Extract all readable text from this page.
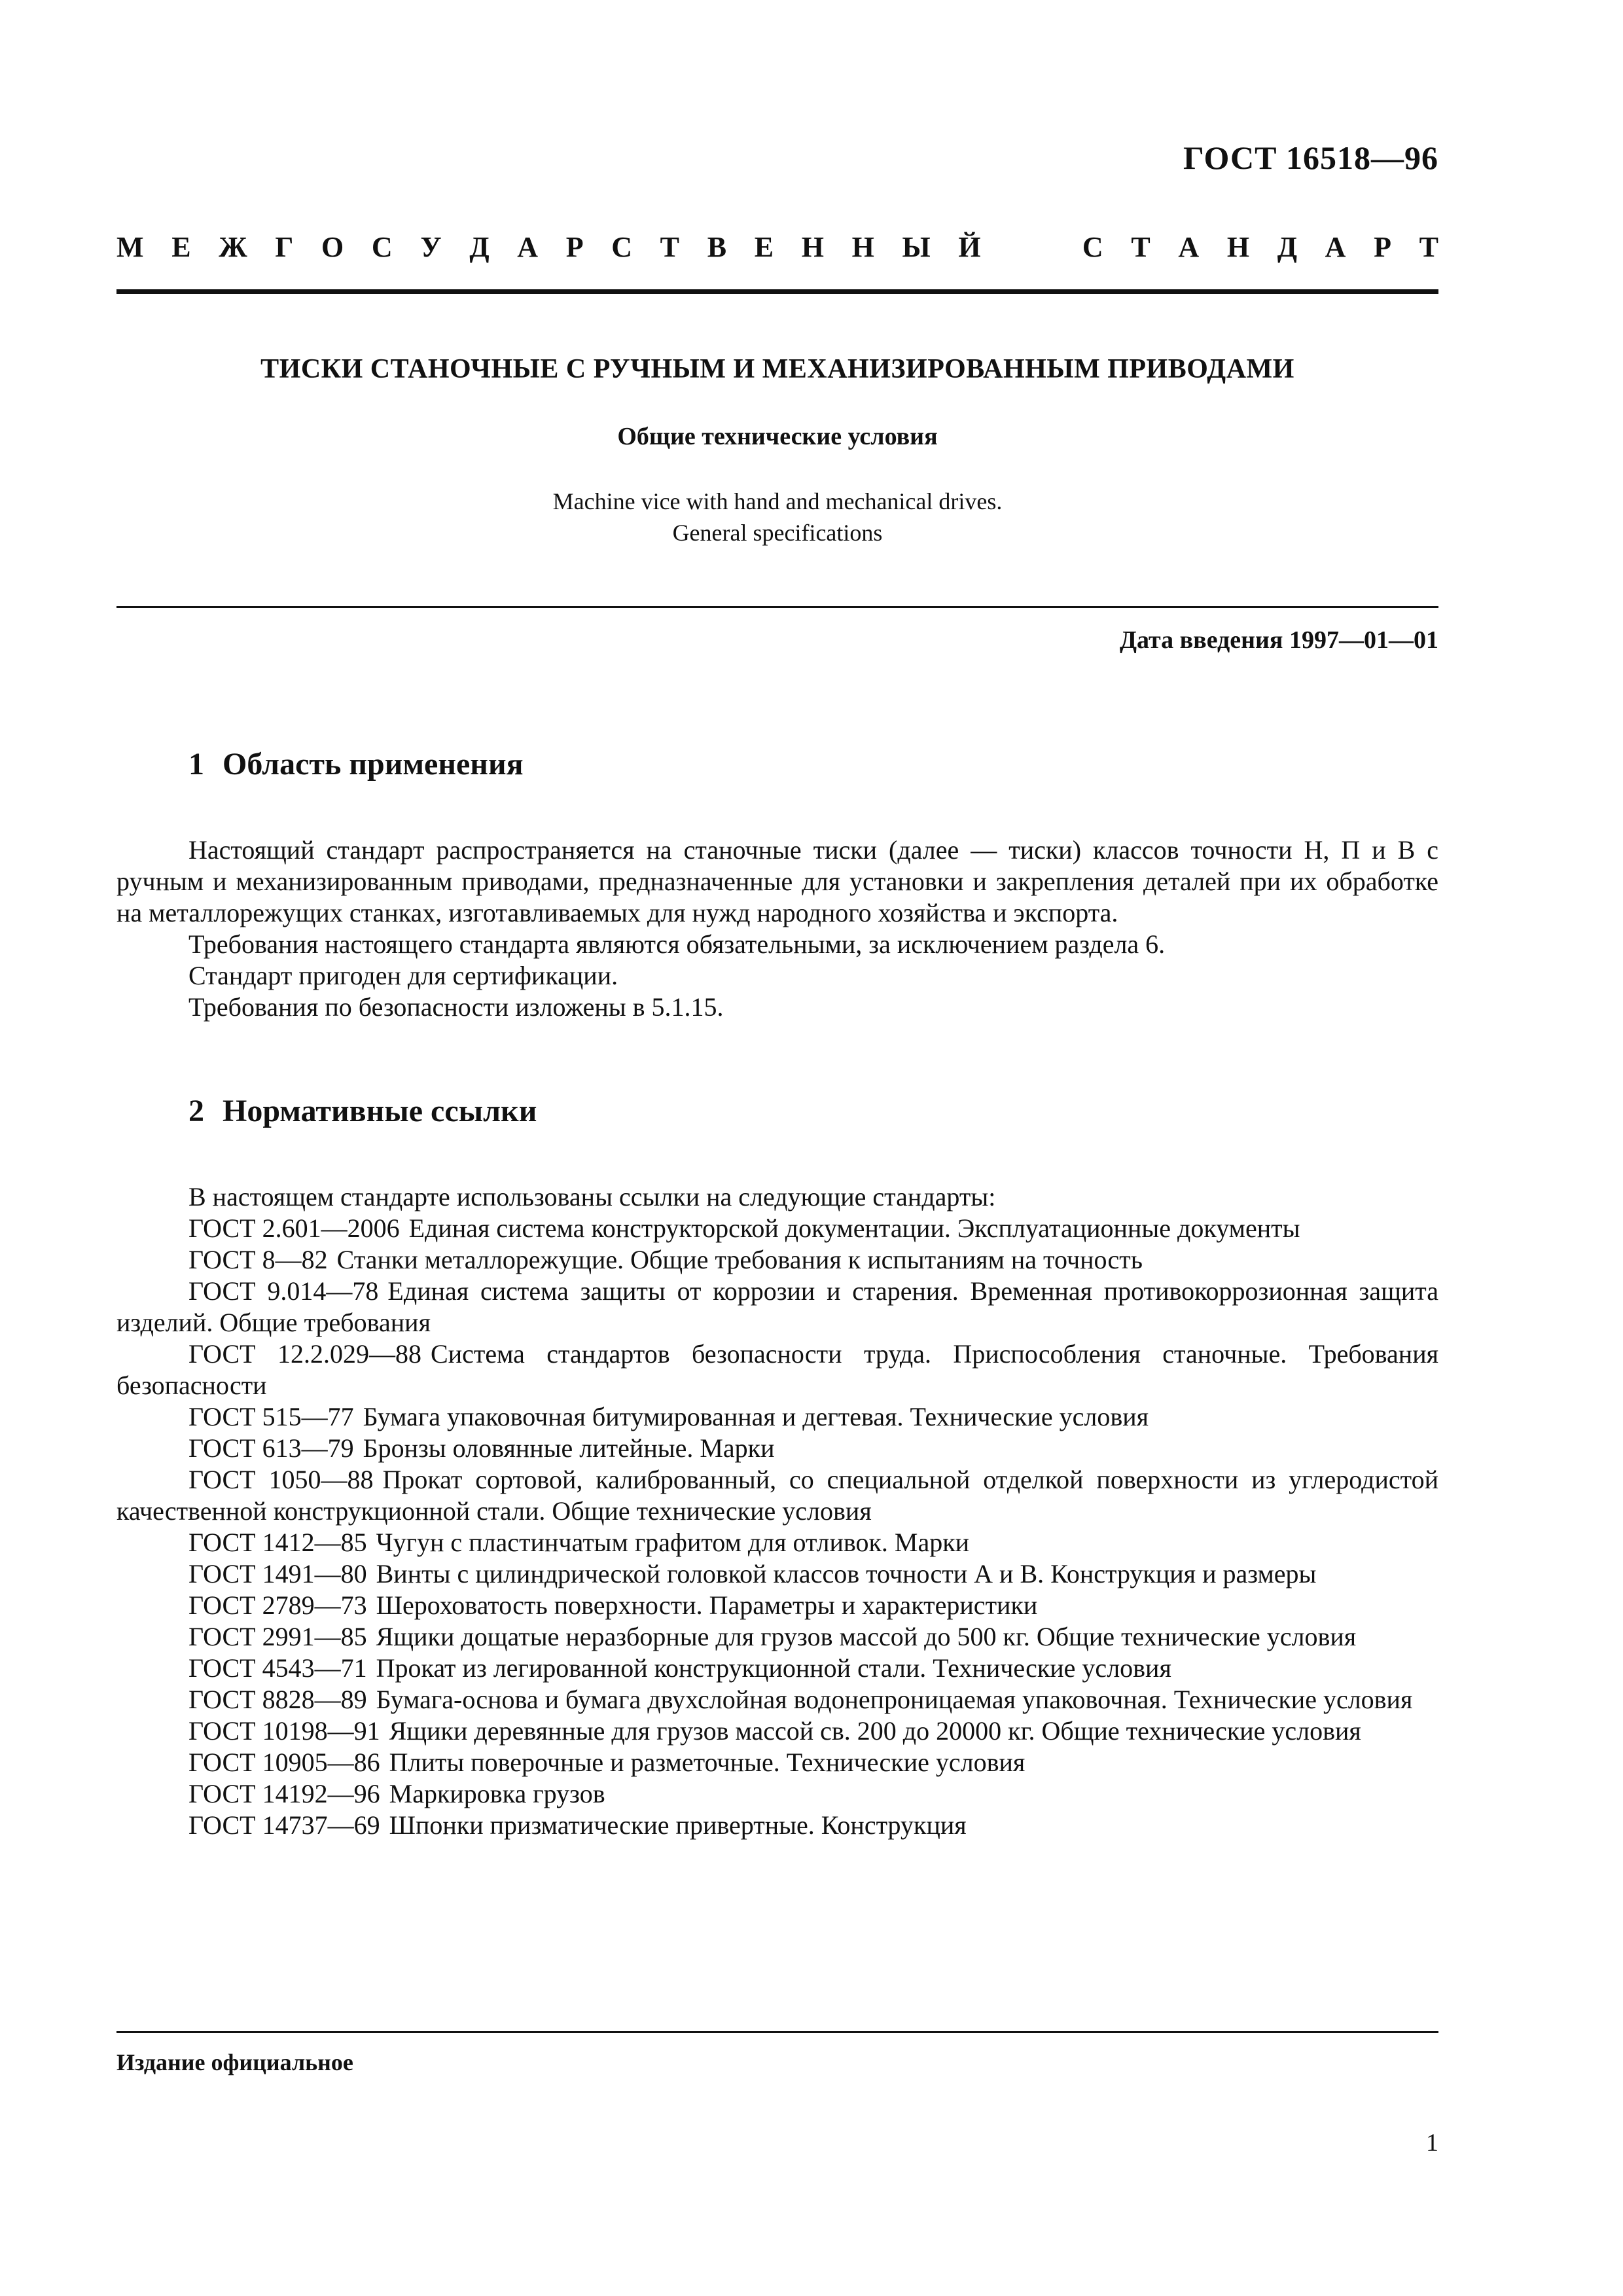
ГОСТ 16518—96
М Е Ж Г О С У Д А Р С Т В Е Н Н Ы Й	С Т А Н Д А Р Т
ТИСКИ СТАНОЧНЫЕ С РУЧНЫМ И МЕХАНИЗИРОВАННЫМ ПРИВОДАМИ
Общие технические условия
Machine vice with hand and mechanical drives.
General specifications
Дата введения 1997—01—01
1 Область применения

Настоящий стандарт распространяется на станочные тиски (далее — тиски) классов точности Н, П и В с ручным и механизированным приводами, предназначенные для установки и закрепления деталей при их обработке на металлорежущих станках, изготавливаемых для нужд народного хозяйства и экспорта.

Требования настоящего стандарта являются обязательными, за исключением раздела 6.

Стандарт пригоден для сертификации.

Требования по безопасности изложены в 5.1.15.

2 Нормативные ссылки

В настоящем стандарте использованы ссылки на следующие стандарты:

ГОСТ 2.601—2006 Единая система конструкторской документации. Эксплуатационные документы

ГОСТ 8—82 Станки металлорежущие. Общие требования к испытаниям на точность

ГОСТ 9.014—78 Единая система защиты от коррозии и старения. Временная противокоррозионная защита изделий. Общие требования

ГОСТ 12.2.029—88 Система стандартов безопасности труда. Приспособления станочные. Требования безопасности

ГОСТ 515—77 Бумага упаковочная битумированная и дегтевая. Технические условия

ГОСТ 613—79 Бронзы оловянные литейные. Марки

ГОСТ 1050—88 Прокат сортовой, калиброванный, со специальной отделкой поверхности из углеродистой качественной конструкционной стали. Общие технические условия

ГОСТ 1412—85 Чугун с пластинчатым графитом для отливок. Марки

ГОСТ 1491—80 Винты с цилиндрической головкой классов точности А и В. Конструкция и размеры

ГОСТ 2789—73 Шероховатость поверхности. Параметры и характеристики

ГОСТ 2991—85 Ящики дощатые неразборные для грузов массой до 500 кг. Общие технические условия

ГОСТ 4543—71 Прокат из легированной конструкционной стали. Технические условия

ГОСТ 8828—89 Бумага-основа и бумага двухслойная водонепроницаемая упаковочная. Технические условия

ГОСТ 10198—91 Ящики деревянные для грузов массой св. 200 до 20000 кг. Общие технические условия

ГОСТ 10905—86 Плиты поверочные и разметочные. Технические условия

ГОСТ 14192—96 Маркировка грузов

ГОСТ 14737—69 Шпонки призматические привертные. Конструкция

Издание официальное
1
